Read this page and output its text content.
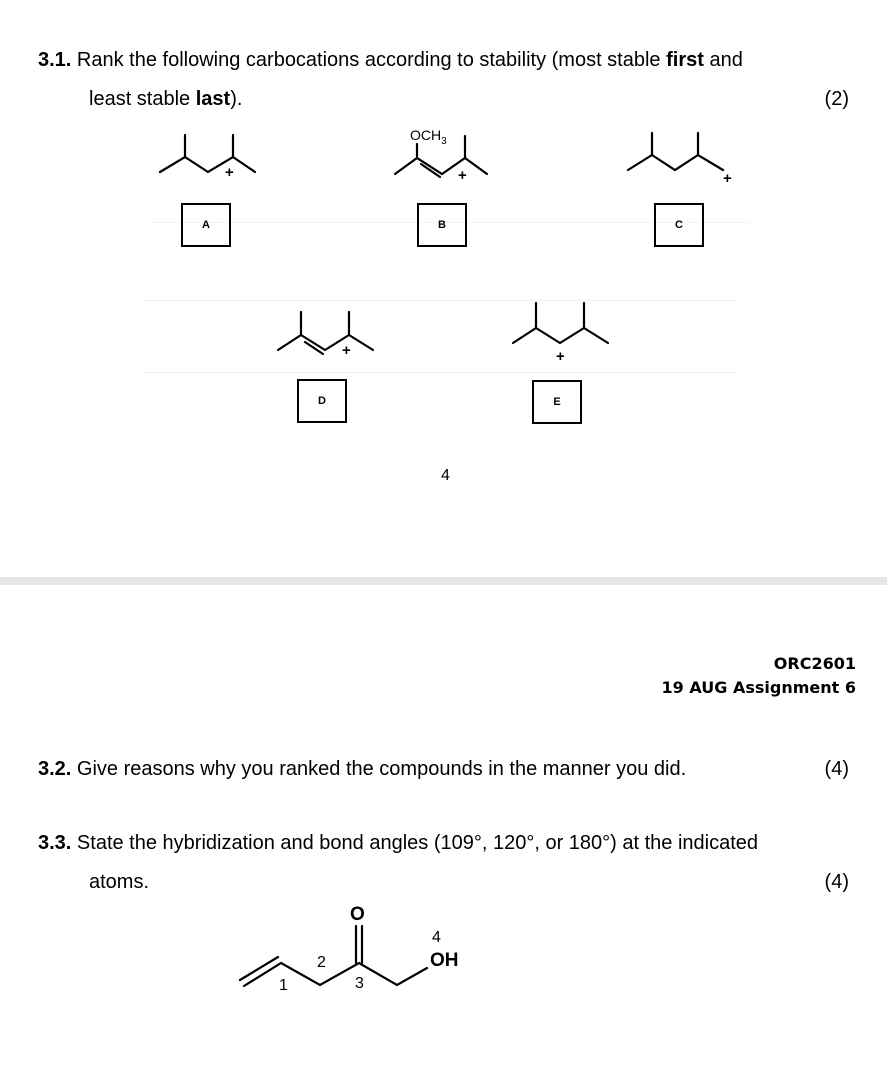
3.1. Rank the following carbocations according to stability (most stable first and
least stable last).	(2)
+
A
$OCH_3$
+
B
+
C
+
D
+
E
4
ORC2601
19 AUG Assignment 6
3.2. Give reasons why you ranked the compounds in the manner you did.	(4)
3.3. State the hybridization and bond angles (109°, 120°, or 180°) at the indicated
atoms.	(4)
O
OH
1
2
3
4
